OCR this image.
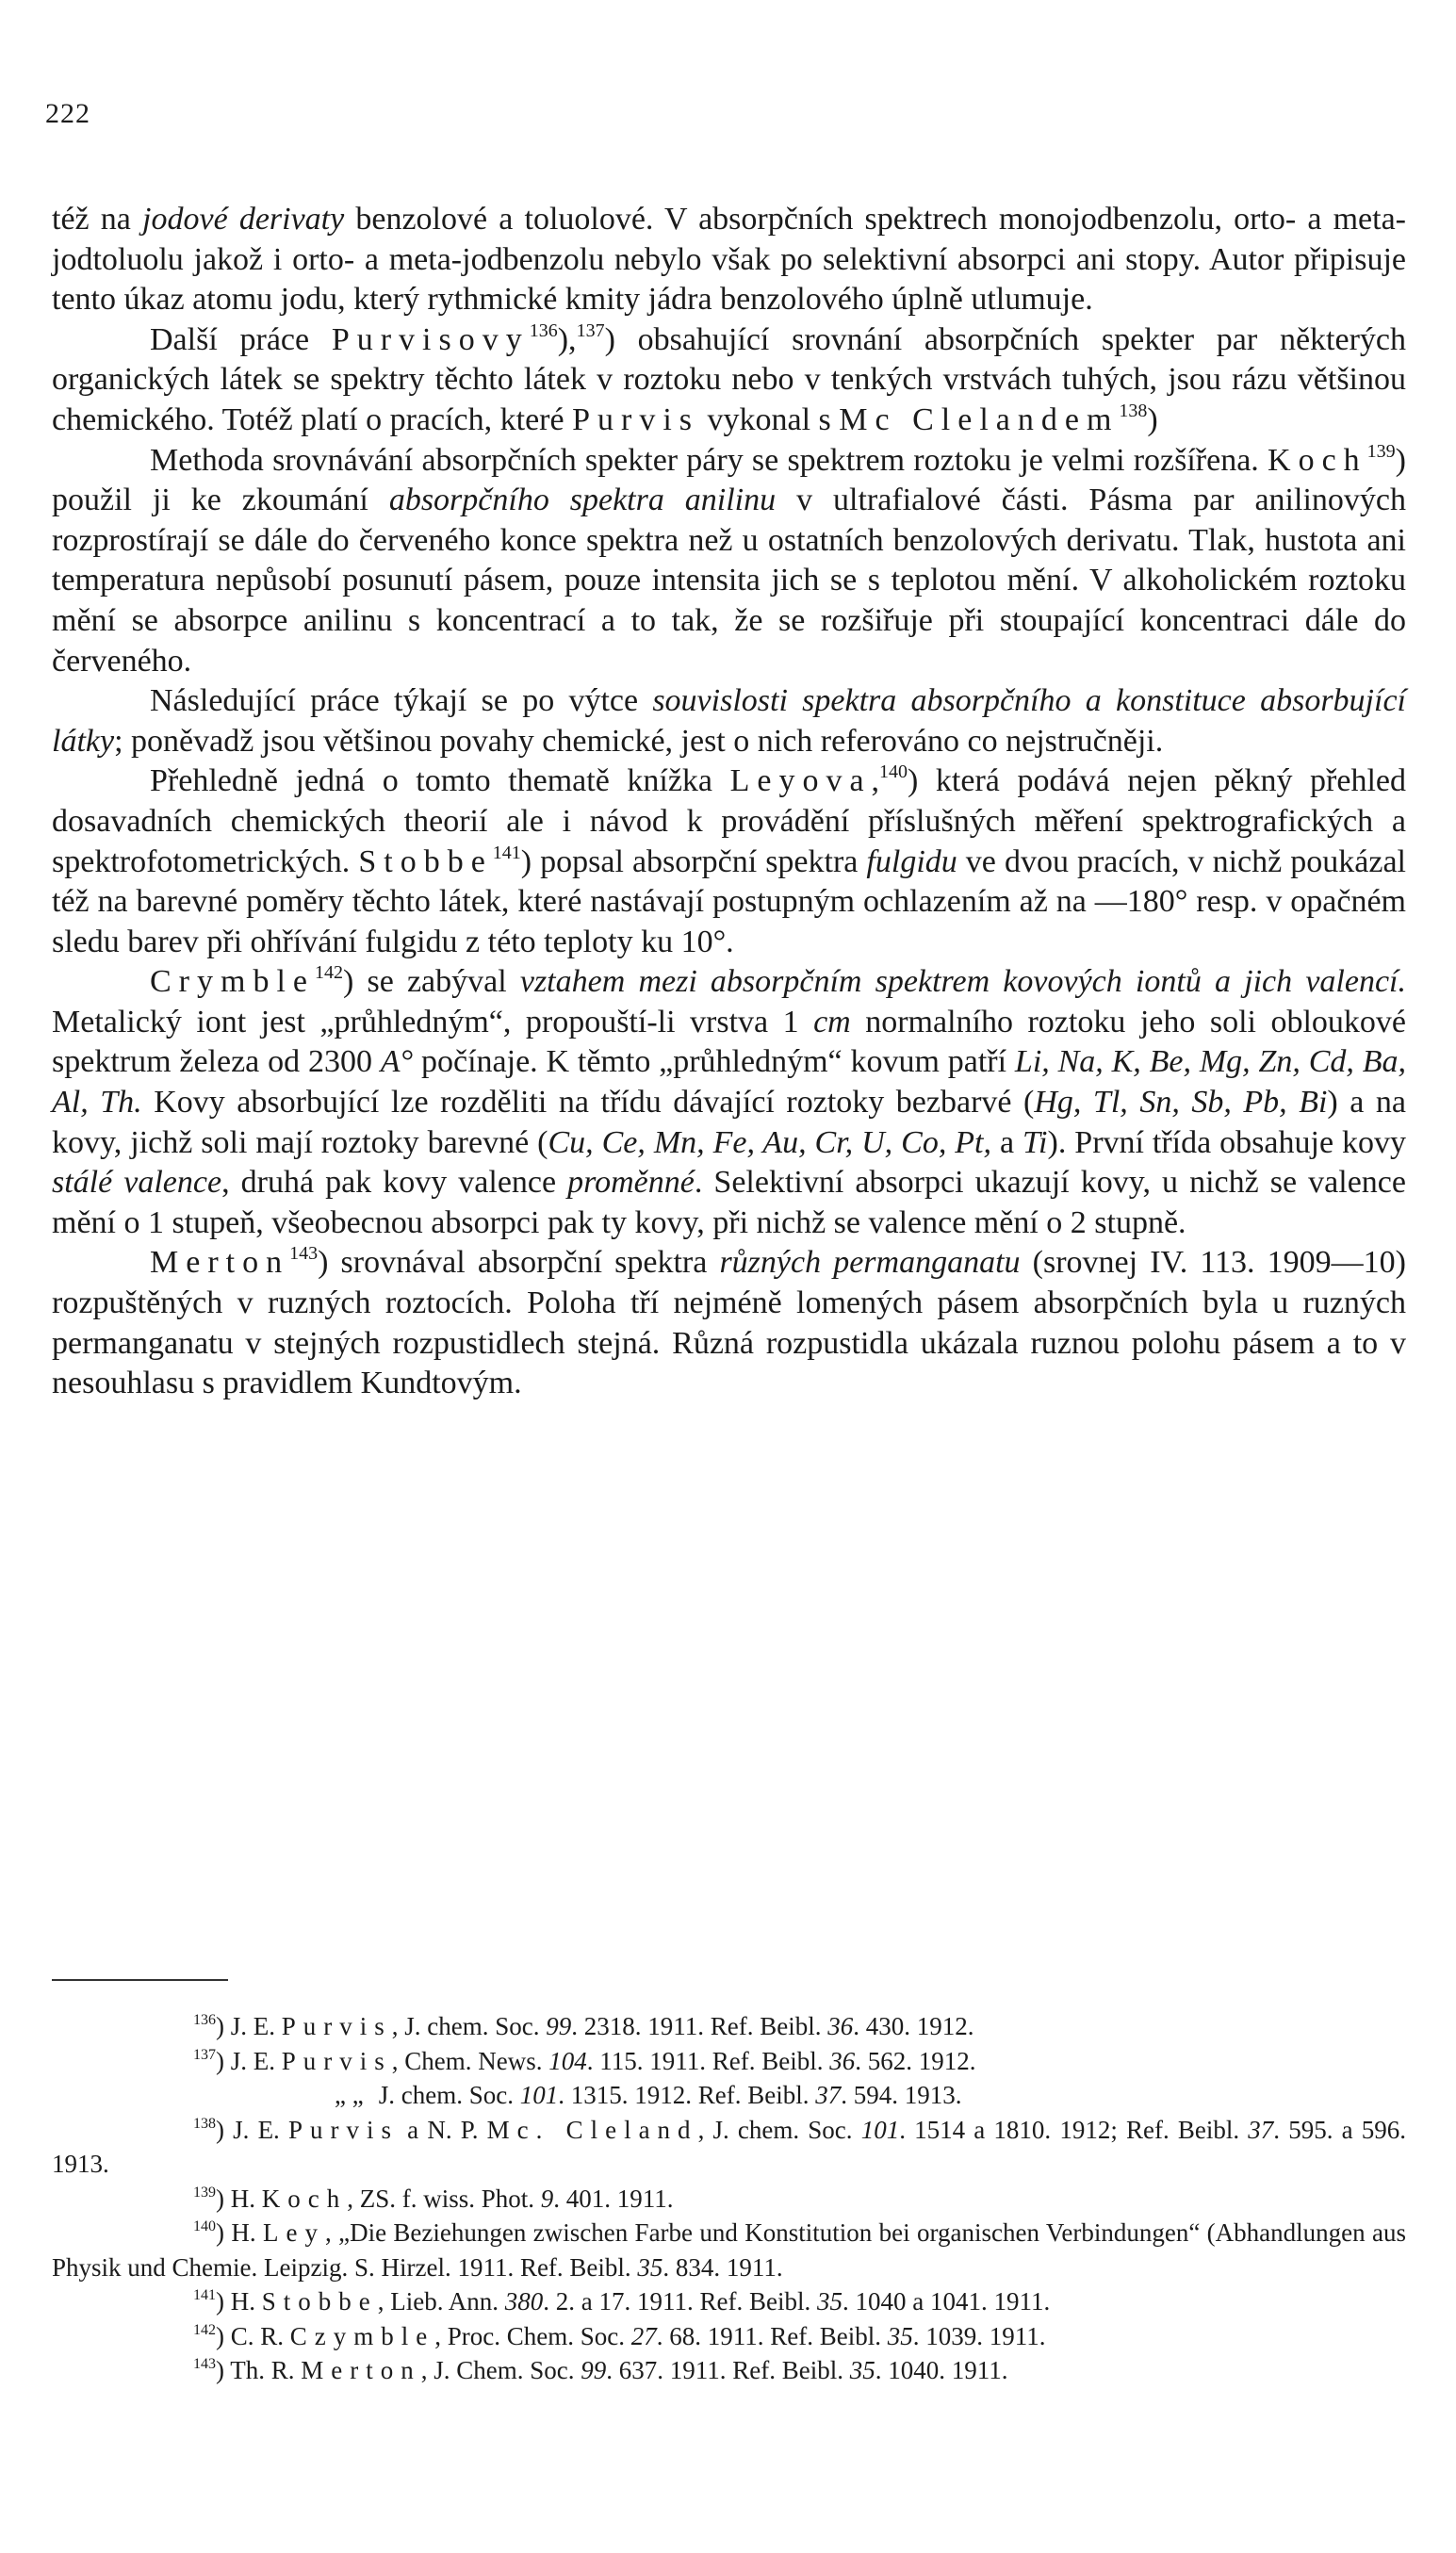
222

též na jodové derivaty benzolové a toluolové. V absorpčních spektrech monojodbenzolu, orto- a meta-jodtoluolu jakož i orto- a meta-jodbenzolu nebylo však po selektivní absorpci ani stopy. Autor připisuje tento úkaz atomu jodu, který rythmické kmity jádra benzolového úplně utlumuje.

Další práce Purvisovy$^{136}$),$^{137}$) obsahující srovnání absorpčních spekter par některých organických látek se spektry těchto látek v roztoku nebo v tenkých vrstvách tuhých, jsou rázu většinou chemického. Totéž platí o pracích, které Purvis vykonal s Mc Clelandem$^{138}$)

Methoda srovnávání absorpčních spekter páry se spektrem roztoku je velmi rozšířena. Koch$^{139}$) použil ji ke zkoumání absorpčního spektra anilinu v ultrafialové části. Pásma par anilinových rozprostírají se dále do červeného konce spektra než u ostatních benzolových derivatu. Tlak, hustota ani temperatura nepůsobí posunutí pásem, pouze intensita jich se s teplotou mění. V alkoholickém roztoku mění se absorpce anilinu s koncentrací a to tak, že se rozšiřuje při stoupající koncentraci dále do červeného.

Následující práce týkají se po výtce souvislosti spektra absorpčního a konstituce absorbující látky; poněvadž jsou většinou povahy chemické, jest o nich referováno co nejstručněji.

Přehledně jedná o tomto thematě knížka Leyova,$^{140}$) která podává nejen pěkný přehled dosavadních chemických theorií ale i návod k provádění příslušných měření spektrografických a spektrofotometrických. Stobbe$^{141}$) popsal absorpční spektra fulgidu ve dvou pracích, v nichž poukázal též na barevné poměry těchto látek, které nastávají postupným ochlazením až na —180° resp. v opačném sledu barev při ohřívání fulgidu z této teploty ku 10°.

Crymble$^{142}$) se zabýval vztahem mezi absorpčním spektrem kovových iontů a jich valencí. Metalický iont jest „průhledným“, propouští-li vrstva 1 cm normalního roztoku jeho soli obloukové spektrum železa od 2300 A° počínaje. K těmto „průhledným“ kovum patří Li, Na, K, Be, Mg, Zn, Cd, Ba, Al, Th. Kovy absorbující lze rozděliti na třídu dávající roztoky bezbarvé (Hg, Tl, Sn, Sb, Pb, Bi) a na kovy, jichž soli mají roztoky barevné (Cu, Ce, Mn, Fe, Au, Cr, U, Co, Pt, a Ti). První třída obsahuje kovy stálé valence, druhá pak kovy valence proměnné. Selektivní absorpci ukazují kovy, u nichž se valence mění o 1 stupeň, všeobecnou absorpci pak ty kovy, při nichž se valence mění o 2 stupně.

Merton$^{143}$) srovnával absorpční spektra různých permanganatu (srovnej IV. 113. 1909—10) rozpuštěných v ruzných roztocích. Poloha tří nejméně lomených pásem absorpčních byla u ruzných permanganatu v stejných rozpustidlech stejná. Různá rozpustidla ukázala ruznou polohu pásem a to v nesouhlasu s pravidlem Kundtovým.

$^{136}$) J. E. Purvis, J. chem. Soc. 99. 2318. 1911. Ref. Beibl. 36. 430. 1912.

$^{137}$) J. E. Purvis, Chem. News. 104. 115. 1911. Ref. Beibl. 36. 562. 1912.

„ „ J. chem. Soc. 101. 1315. 1912. Ref. Beibl. 37. 594. 1913.

$^{138}$) J. E. Purvis a N. P. Mc. Cleland, J. chem. Soc. 101. 1514 a 1810. 1912; Ref. Beibl. 37. 595. a 596. 1913.

$^{139}$) H. Koch, ZS. f. wiss. Phot. 9. 401. 1911.

$^{140}$) H. Ley, „Die Beziehungen zwischen Farbe und Konstitution bei organischen Verbindungen“ (Abhandlungen aus Physik und Chemie. Leipzig. S. Hirzel. 1911. Ref. Beibl. 35. 834. 1911.

$^{141}$) H. Stobbe, Lieb. Ann. 380. 2. a 17. 1911. Ref. Beibl. 35. 1040 a 1041. 1911.

$^{142}$) C. R. Czymble, Proc. Chem. Soc. 27. 68. 1911. Ref. Beibl. 35. 1039. 1911.

$^{143}$) Th. R. Merton, J. Chem. Soc. 99. 637. 1911. Ref. Beibl. 35. 1040. 1911.
